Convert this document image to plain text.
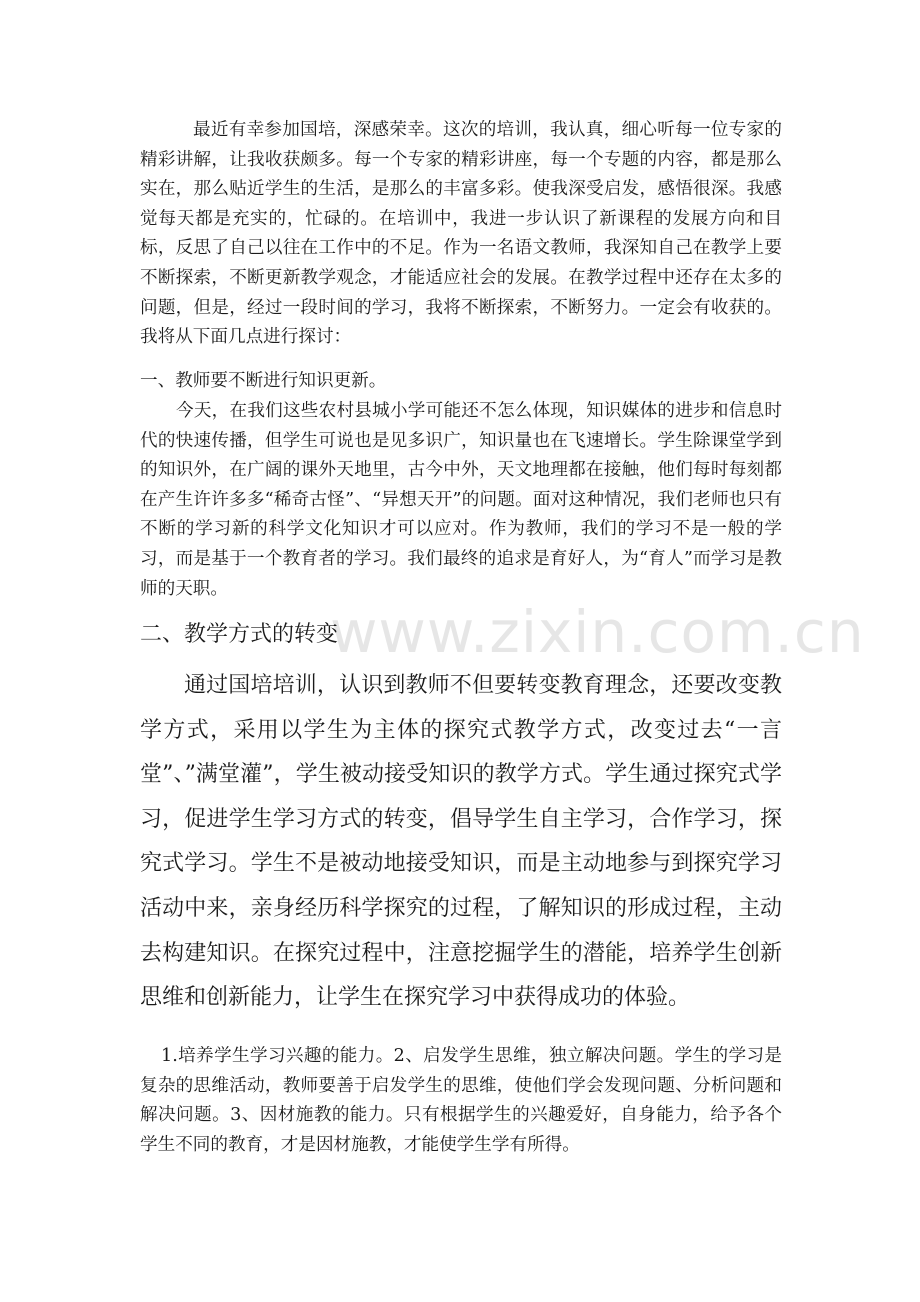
www.zixin.com.cn

最近有幸参加国培，深感荣幸。这次的培训，我认真，细心听每一位专家的精彩讲解，让我收获颇多。每一个专家的精彩讲座，每一个专题的内容，都是那么实在，那么贴近学生的生活，是那么的丰富多彩。使我深受启发，感悟很深。我感觉每天都是充实的，忙碌的。在培训中，我进一步认识了新课程的发展方向和目标，反思了自己以往在工作中的不足。作为一名语文教师，我深知自己在教学上要不断探索，不断更新教学观念，才能适应社会的发展。在教学过程中还存在太多的问题，但是，经过一段时间的学习，我将不断探索，不断努力。一定会有收获的。我将从下面几点进行探讨：

一、教师要不断进行知识更新。

今天，在我们这些农村县城小学可能还不怎么体现，知识媒体的进步和信息时代的快速传播，但学生可说也是见多识广，知识量也在飞速增长。学生除课堂学到的知识外，在广阔的课外天地里，古今中外，天文地理都在接触，他们每时每刻都在产生许许多多“稀奇古怪”、“异想天开”的问题。面对这种情况，我们老师也只有不断的学习新的科学文化知识才可以应对。作为教师，我们的学习不是一般的学习，而是基于一个教育者的学习。我们最终的追求是育好人，为“育人”而学习是教师的天职。

二、教学方式的转变

通过国培培训，认识到教师不但要转变教育理念，还要改变教学方式，采用以学生为主体的探究式教学方式，改变过去“一言堂”、”满堂灌”，学生被动接受知识的教学方式。学生通过探究式学习，促进学生学习方式的转变，倡导学生自主学习，合作学习，探究式学习。学生不是被动地接受知识，而是主动地参与到探究学习活动中来，亲身经历科学探究的过程，了解知识的形成过程，主动去构建知识。在探究过程中，注意挖掘学生的潜能，培养学生创新思维和创新能力，让学生在探究学习中获得成功的体验。

1.培养学生学习兴趣的能力。2、启发学生思维，独立解决问题。学生的学习是复杂的思维活动，教师要善于启发学生的思维，使他们学会发现问题、分析问题和解决问题。3、因材施教的能力。只有根据学生的兴趣爱好，自身能力，给予各个学生不同的教育，才是因材施教，才能使学生学有所得。
